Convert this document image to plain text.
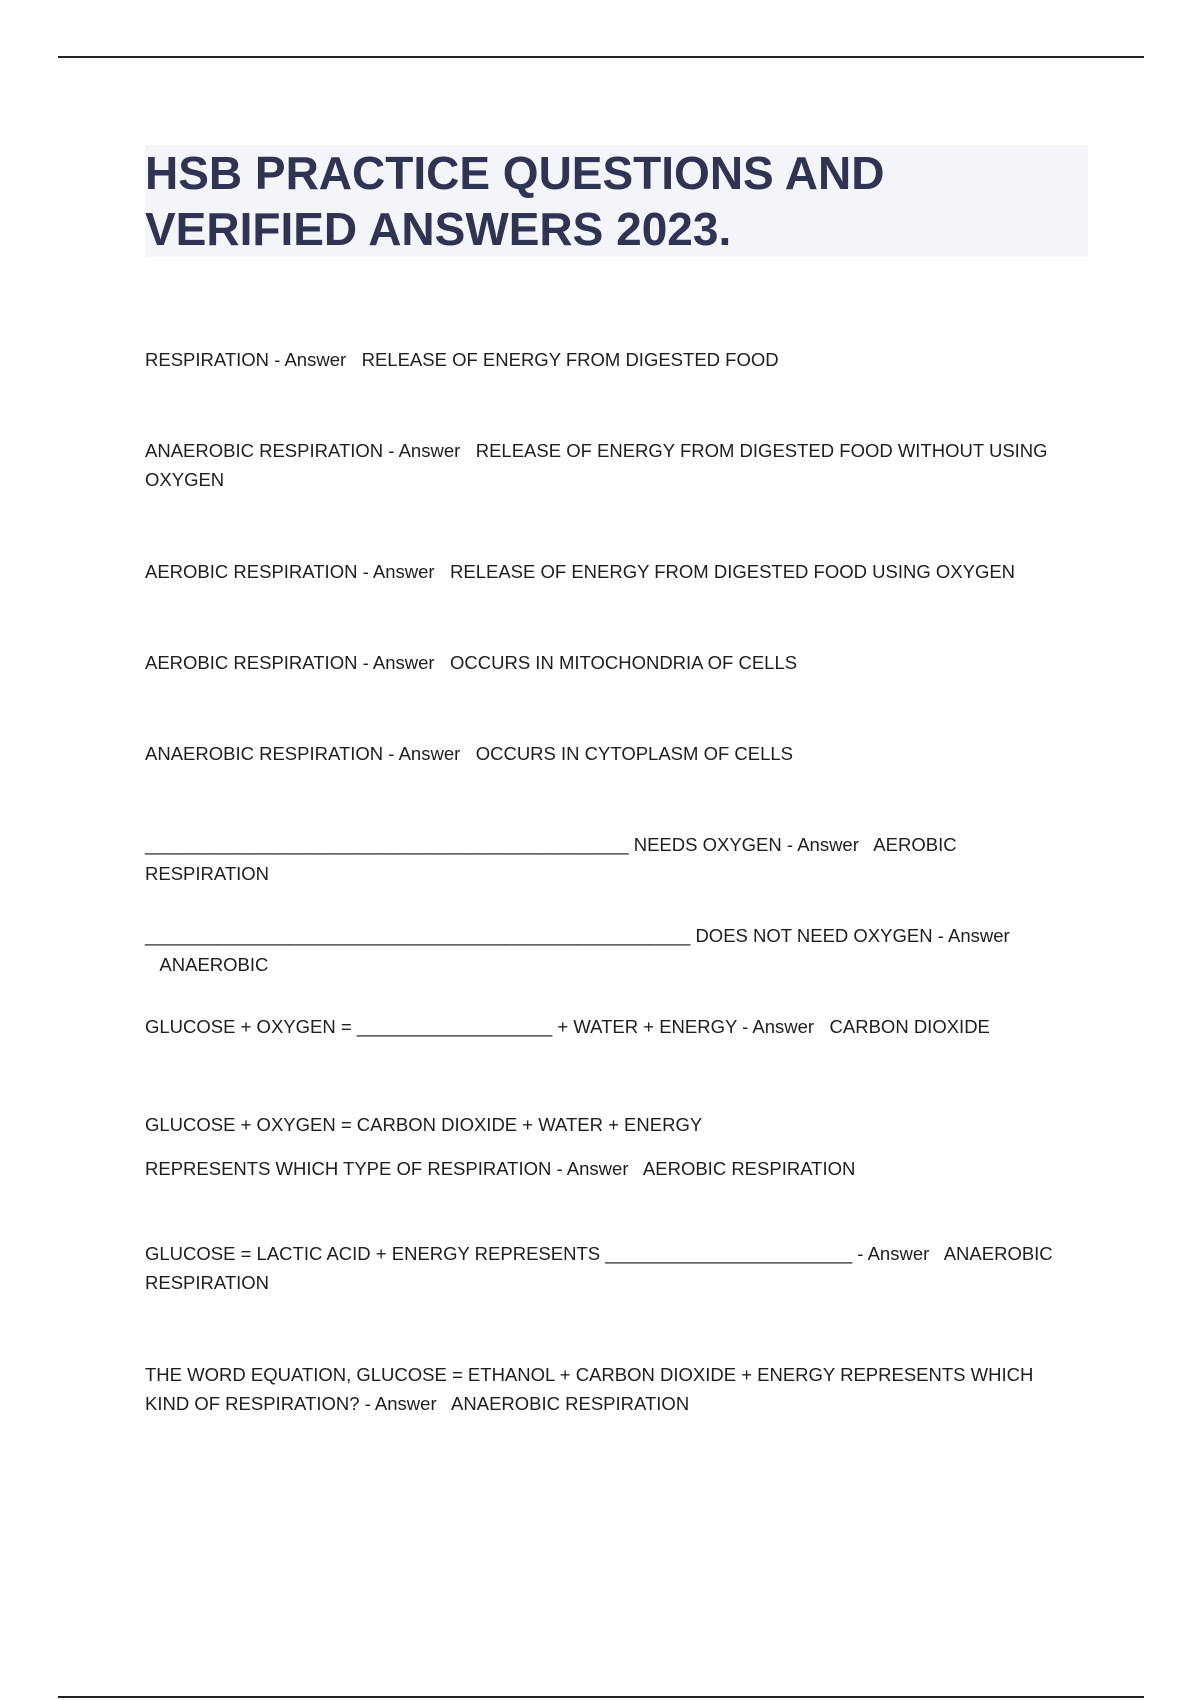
HSB PRACTICE QUESTIONS AND VERIFIED ANSWERS 2023.

RESPIRATION - Answer RELEASE OF ENERGY FROM DIGESTED FOOD

ANAEROBIC RESPIRATION - Answer RELEASE OF ENERGY FROM DIGESTED FOOD WITHOUT USING OXYGEN

AEROBIC RESPIRATION - Answer RELEASE OF ENERGY FROM DIGESTED FOOD USING OXYGEN

AEROBIC RESPIRATION - Answer OCCURS IN MITOCHONDRIA OF CELLS

ANAEROBIC RESPIRATION - Answer OCCURS IN CYTOPLASM OF CELLS

_______________________________________________ NEEDS OXYGEN - Answer AEROBIC RESPIRATION

_____________________________________________________ DOES NOT NEED OXYGEN - Answer   ANAEROBIC

GLUCOSE + OXYGEN = ___________________ + WATER + ENERGY - Answer CARBON DIOXIDE

GLUCOSE + OXYGEN = CARBON DIOXIDE + WATER + ENERGY
REPRESENTS WHICH TYPE OF RESPIRATION - Answer AEROBIC RESPIRATION

GLUCOSE = LACTIC ACID + ENERGY REPRESENTS ________________________ - Answer ANAEROBIC RESPIRATION

THE WORD EQUATION, GLUCOSE = ETHANOL + CARBON DIOXIDE + ENERGY REPRESENTS WHICH KIND OF RESPIRATION? - Answer ANAEROBIC RESPIRATION
